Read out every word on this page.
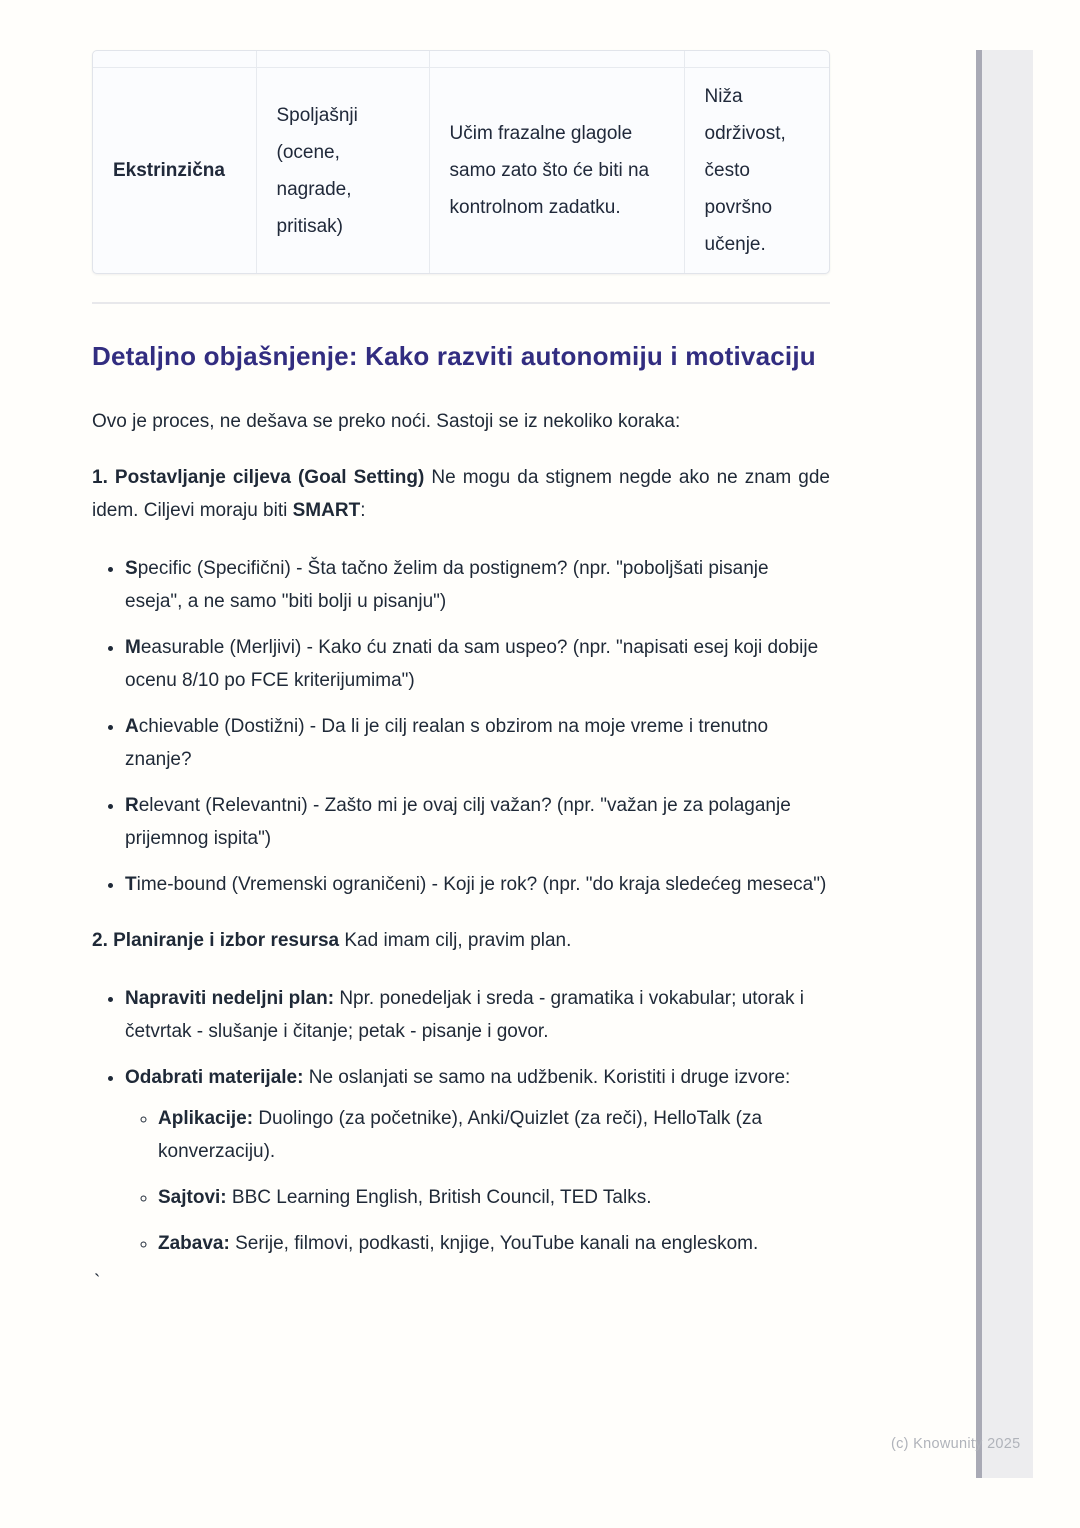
Ekstrinzična	Spoljašnji (ocene, nagrade, pritisak)	Učim frazalne glagole samo zato što će biti na kontrolnom zadatku.	Niža održivost, često površno učenje.
Detaljno objašnjenje: Kako razviti autonomiju i motivaciju

Ovo je proces, ne dešava se preko noći. Sastoji se iz nekoliko koraka:

1. Postavljanje ciljeva (Goal Setting) Ne mogu da stignem negde ako ne znam gde idem. Ciljevi moraju biti SMART:

• Specific (Specifični) - Šta tačno želim da postignem? (npr. "poboljšati pisanje eseja", a ne samo "biti bolji u pisanju")
• Measurable (Merljivi) - Kako ću znati da sam uspeo? (npr. "napisati esej koji dobije ocenu 8/10 po FCE kriterijumima")
• Achievable (Dostižni) - Da li je cilj realan s obzirom na moje vreme i trenutno znanje?
• Relevant (Relevantni) - Zašto mi je ovaj cilj važan? (npr. "važan je za polaganje prijemnog ispita")
• Time-bound (Vremenski ograničeni) - Koji je rok? (npr. "do kraja sledećeg meseca")

2. Planiranje i izbor resursa Kad imam cilj, pravim plan.

• Napraviti nedeljni plan: Npr. ponedeljak i sreda - gramatika i vokabular; utorak i četvrtak - slušanje i čitanje; petak - pisanje i govor.
• Odabrati materijale: Ne oslanjati se samo na udžbenik. Koristiti i druge izvore:
◦ Aplikacije: Duolingo (za početnike), Anki/Quizlet (za reči), HelloTalk (za konverzaciju).
◦ Sajtovi: BBC Learning English, British Council, TED Talks.
◦ Zabava: Serije, filmovi, podkasti, knjige, YouTube kanali na engleskom.

`

(c) Knowunity 2025
